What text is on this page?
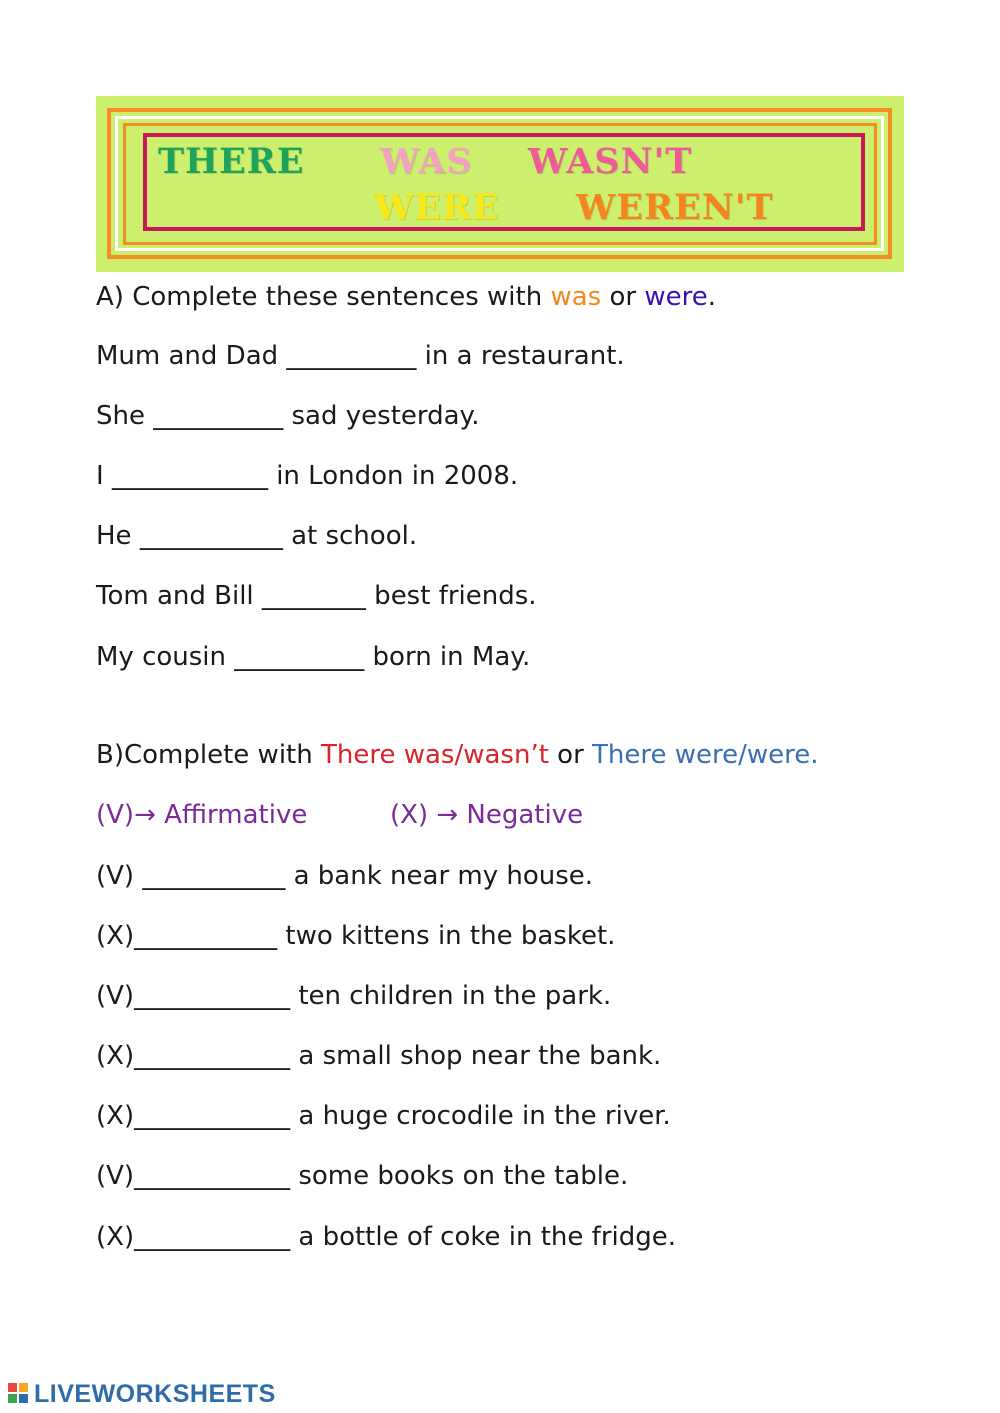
THERE WAS WASN'T
WERE WEREN'T
A) Complete these sentences with was or were.
Mum and Dad __________ in a restaurant.
She __________ sad yesterday.
I ____________ in London in 2008.
He ___________ at school.
Tom and Bill ________ best friends.
My cousin __________ born in May.
B)Complete with There was/wasn’t or There were/were.
(V)→ Affirmative	(X) → Negative
(V) ___________ a bank near my house.
(X)___________ two kittens in the basket.
(V)____________ ten children in the park.
(X)____________ a small shop near the bank.
(X)____________ a huge crocodile in the river.
(V)____________ some books on the table.
(X)____________ a bottle of coke in the fridge.
LIVEWORKSHEETS
